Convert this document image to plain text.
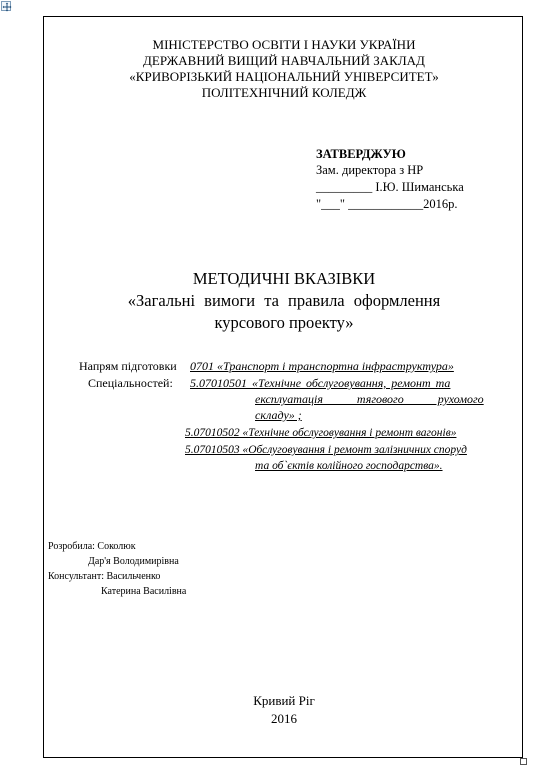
МІНІСТЕРСТВО ОСВІТИ І НАУКИ УКРАЇНИ
ДЕРЖАВНИЙ ВИЩИЙ НАВЧАЛЬНИЙ ЗАКЛАД
«КРИВОРІЗЬКИЙ НАЦІОНАЛЬНИЙ УНІВЕРСИТЕТ»
ПОЛІТЕХНІЧНИЙ КОЛЕДЖ
ЗАТВЕРДЖУЮ
Зам. директора з НР
_________ І.Ю. Шиманська
"___" ____________2016р.
МЕТОДИЧНІ ВКАЗІВКИ
«Загальні вимоги та правила оформлення
курсового проекту»
Напрям підготовки 0701 «Транспорт і транспортна інфраструктура»
Спеціальностей: 5.07010501 «Технічне обслуговування, ремонт та
експлуатація тягового рухомого
складу» ;
5.07010502 «Технічне обслуговування і ремонт вагонів»
5.07010503 «Обслуговування і ремонт залізничних споруд
та об`єктів колійного господарства».
Розробила: Соколюк
Дар'я Володимирівна
Консультант: Васильченко
Катерина Василівна
Кривий Ріг
2016
